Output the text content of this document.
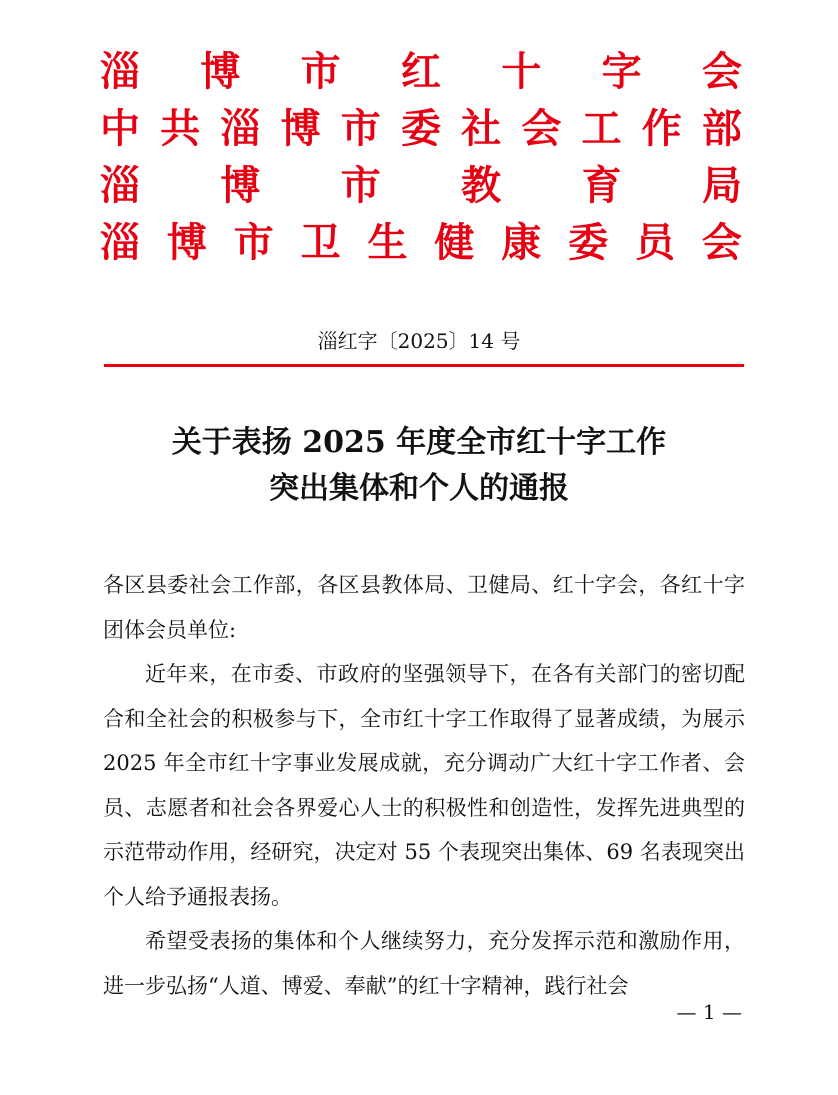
淄 博 市 红 十 字 会
中 共 淄 博 市 委 社 会 工 作 部
淄 博 市 教 育 局
淄 博 市 卫 生 健 康 委 员 会
淄红字〔2025〕14 号
关于表扬 2025 年度全市红十字工作
突出集体和个人的通报

各区县委社会工作部，各区县教体局、卫健局、红十字会，各红十字团体会员单位:

近年来，在市委、市政府的坚强领导下，在各有关部门的密切配合和全社会的积极参与下，全市红十字工作取得了显著成绩，为展示 2025 年全市红十字事业发展成就，充分调动广大红十字工作者、会员、志愿者和社会各界爱心人士的积极性和创造性，发挥先进典型的示范带动作用，经研究，决定对 55 个表现突出集体、69 名表现突出个人给予通报表扬。

希望受表扬的集体和个人继续努力，充分发挥示范和激励作用，进一步弘扬“人道、博爱、奉献”的红十字精神，践行社会

— 1 —
